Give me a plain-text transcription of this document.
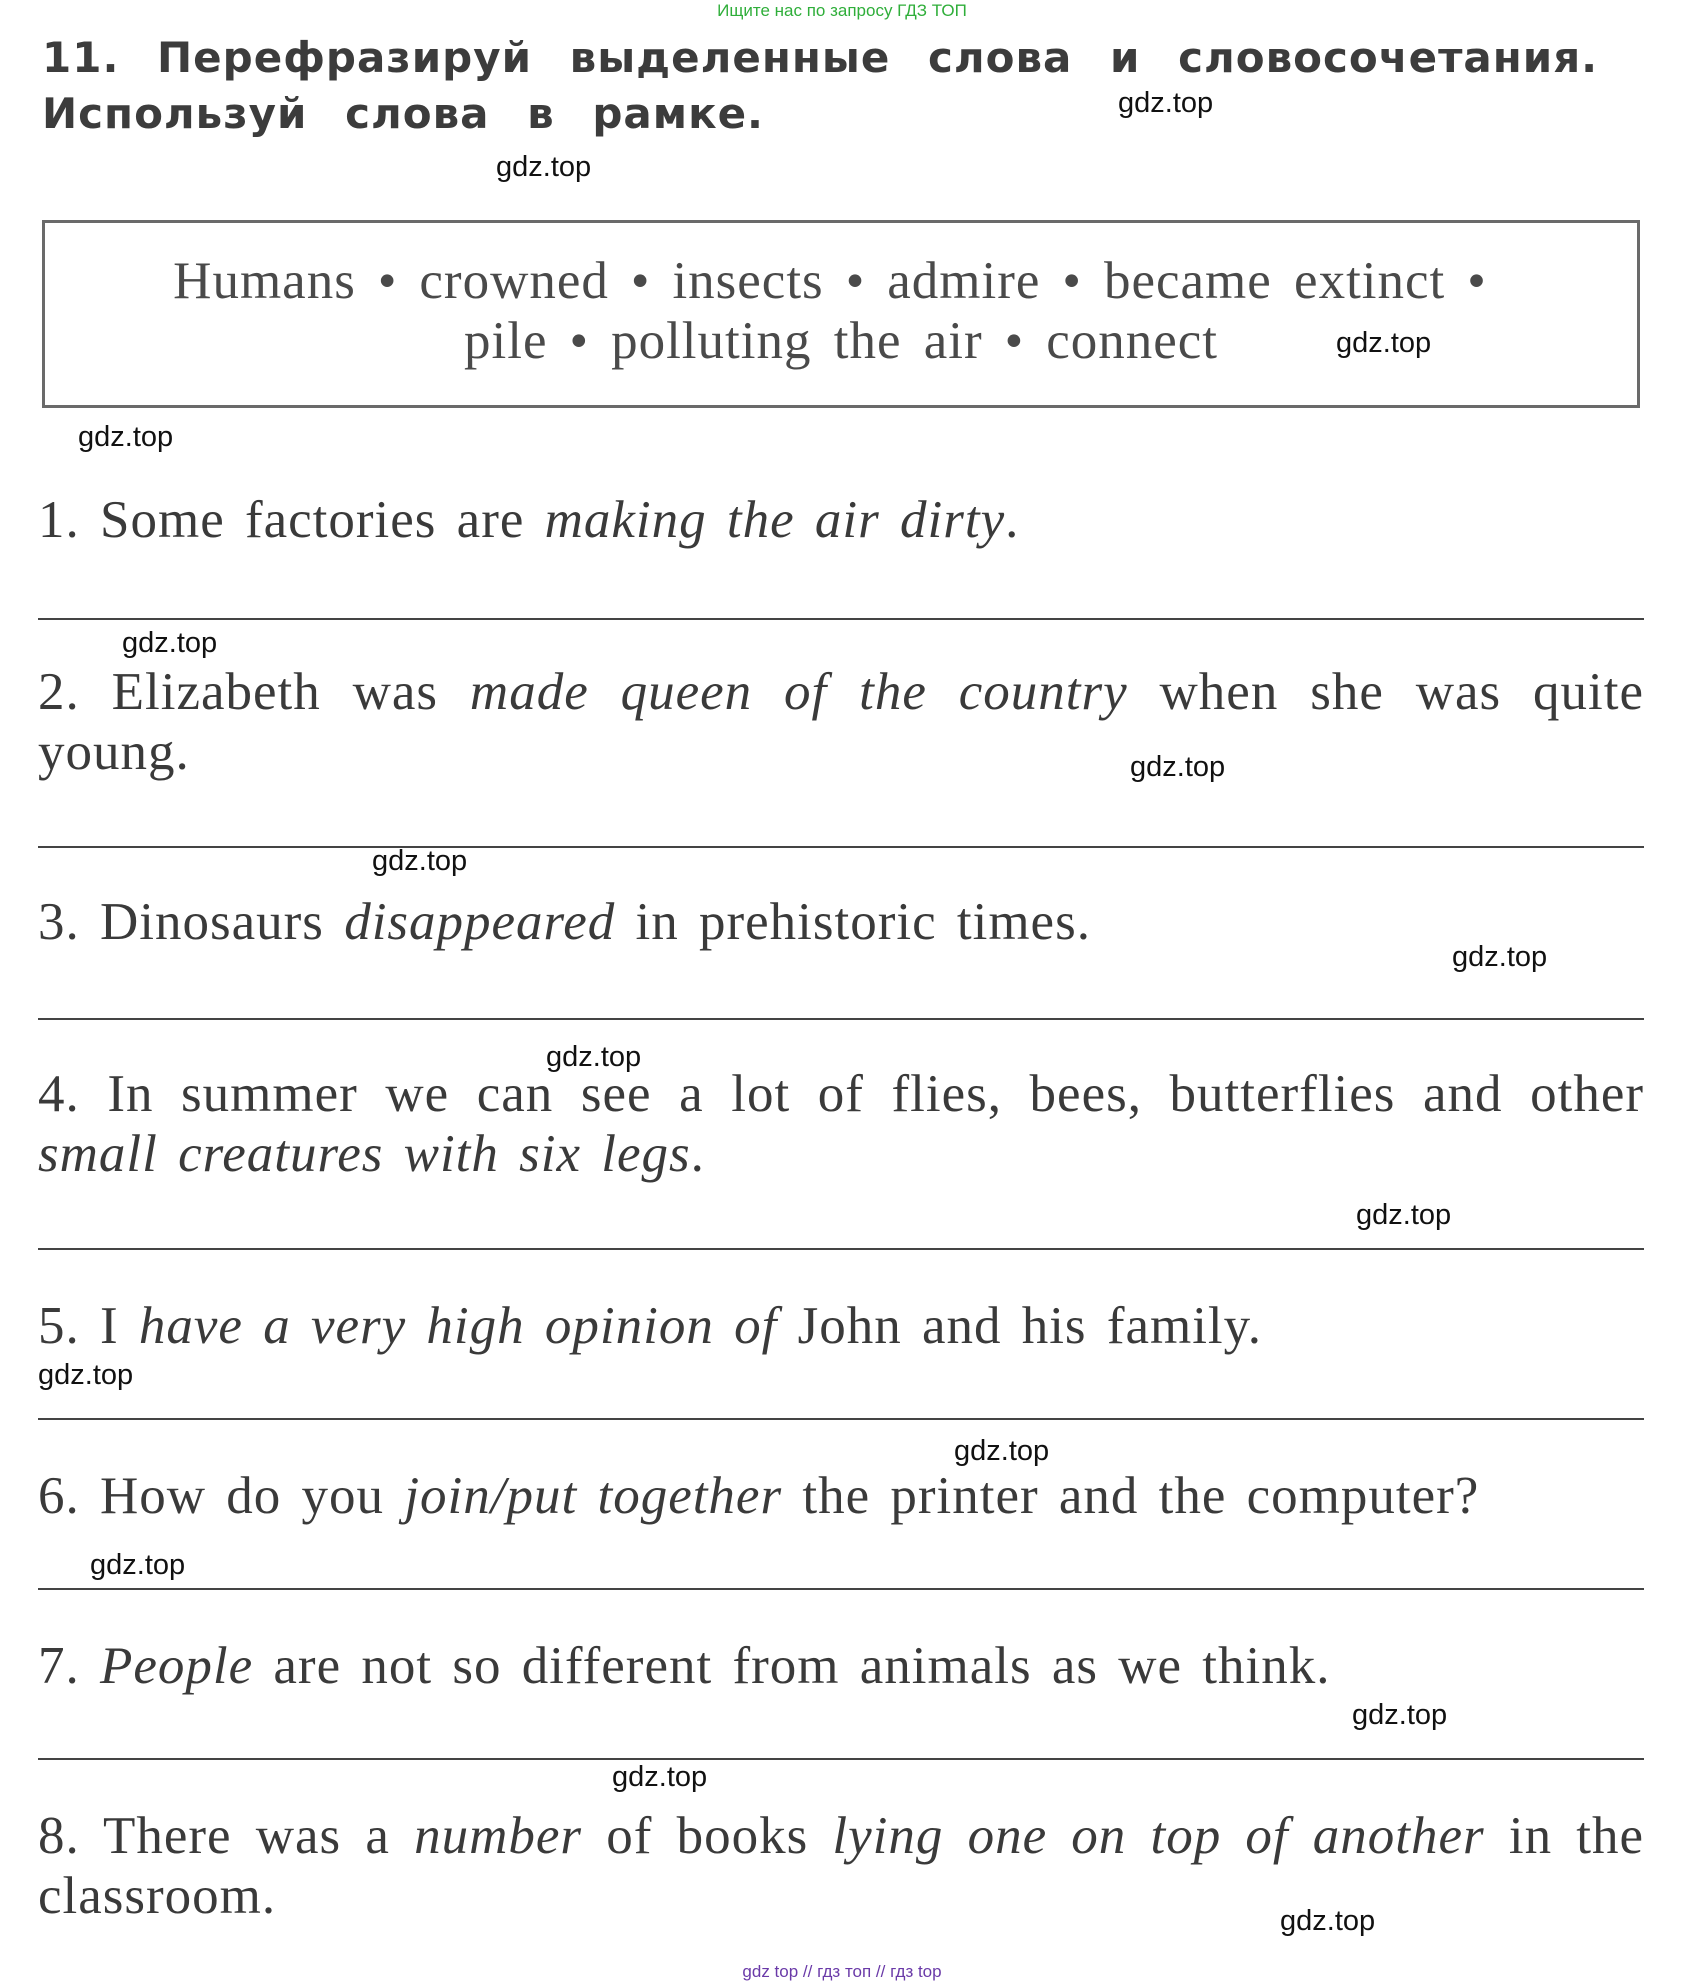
Ищите нас по запросу ГДЗ ТОП
11. Перефразируй выделенные слова и словосочетания. Используй слова в рамке.
Humans • crowned • insects • admire • became extinct •
pile • polluting the air • connect
1. Some factories are making the air dirty.
2. Elizabeth was made queen of the country when she was quite young.
3. Dinosaurs disappeared in prehistoric times.
4. In summer we can see a lot of flies, bees, butterflies and other small creatures with six legs.
5. I have a very high opinion of John and his family.
6. How do you join/put together the printer and the computer?
7. People are not so different from animals as we think.
8. There was a number of books lying one on top of another in the classroom.
gdz.top
gdz.top
gdz.top
gdz.top
gdz.top
gdz.top
gdz.top
gdz.top
gdz.top
gdz.top
gdz.top
gdz.top
gdz.top
gdz.top
gdz.top
gdz.top
gdz top // гдз топ // гдз top
